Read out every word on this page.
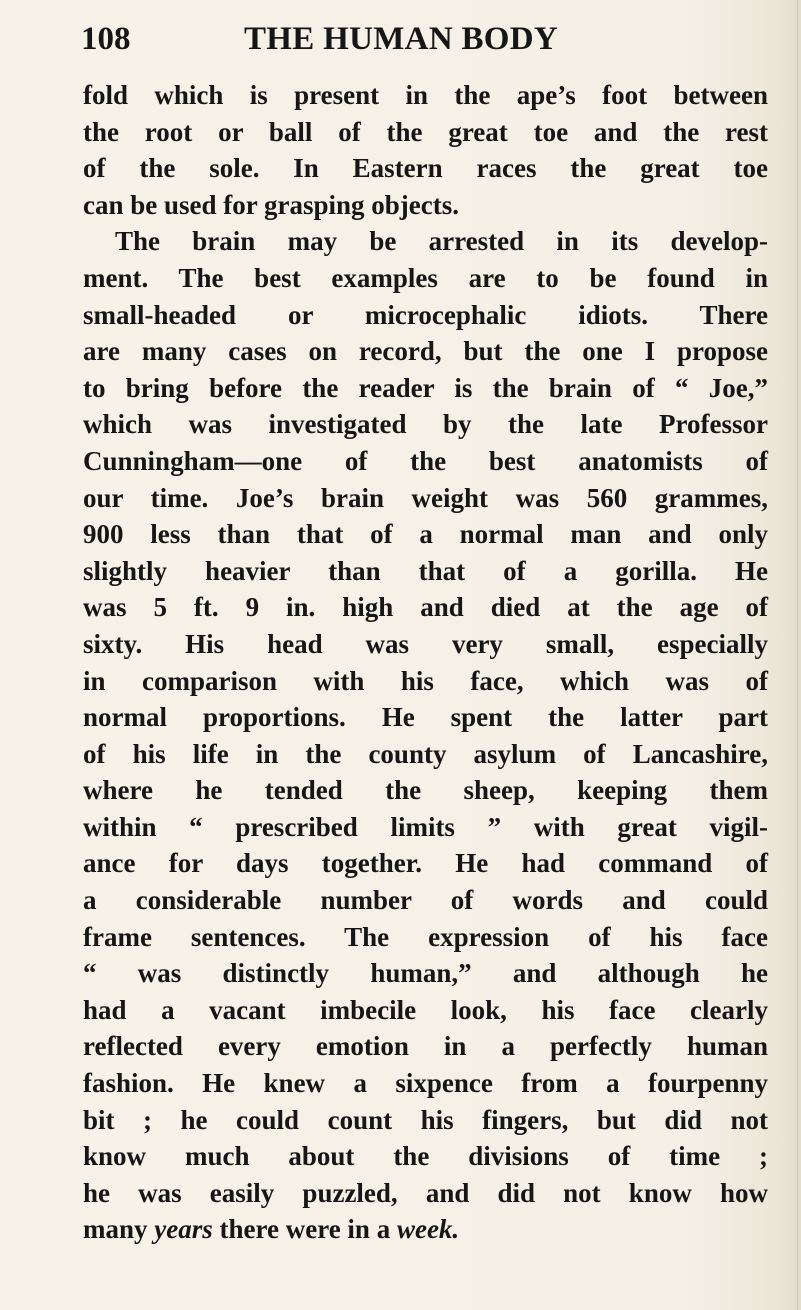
108	THE HUMAN BODY
fold which is present in the ape’s foot between
the root or ball of the great toe and the rest
of the sole. In Eastern races the great toe
can be used for grasping objects.
The brain may be arrested in its develop-
ment. The best examples are to be found in
small-headed or microcephalic idiots. There
are many cases on record, but the one I propose
to bring before the reader is the brain of “ Joe,”
which was investigated by the late Professor
Cunningham—one of the best anatomists of
our time. Joe’s brain weight was 560 grammes,
900 less than that of a normal man and only
slightly heavier than that of a gorilla. He
was 5 ft. 9 in. high and died at the age of
sixty. His head was very small, especially
in comparison with his face, which was of
normal proportions. He spent the latter part
of his life in the county asylum of Lancashire,
where he tended the sheep, keeping them
within “ prescribed limits ” with great vigil-
ance for days together. He had command of
a considerable number of words and could
frame sentences. The expression of his face
“ was distinctly human,” and although he
had a vacant imbecile look, his face clearly
reflected every emotion in a perfectly human
fashion. He knew a sixpence from a fourpenny
bit ; he could count his fingers, but did not
know much about the divisions of time ;
he was easily puzzled, and did not know how
many years there were in a week.
